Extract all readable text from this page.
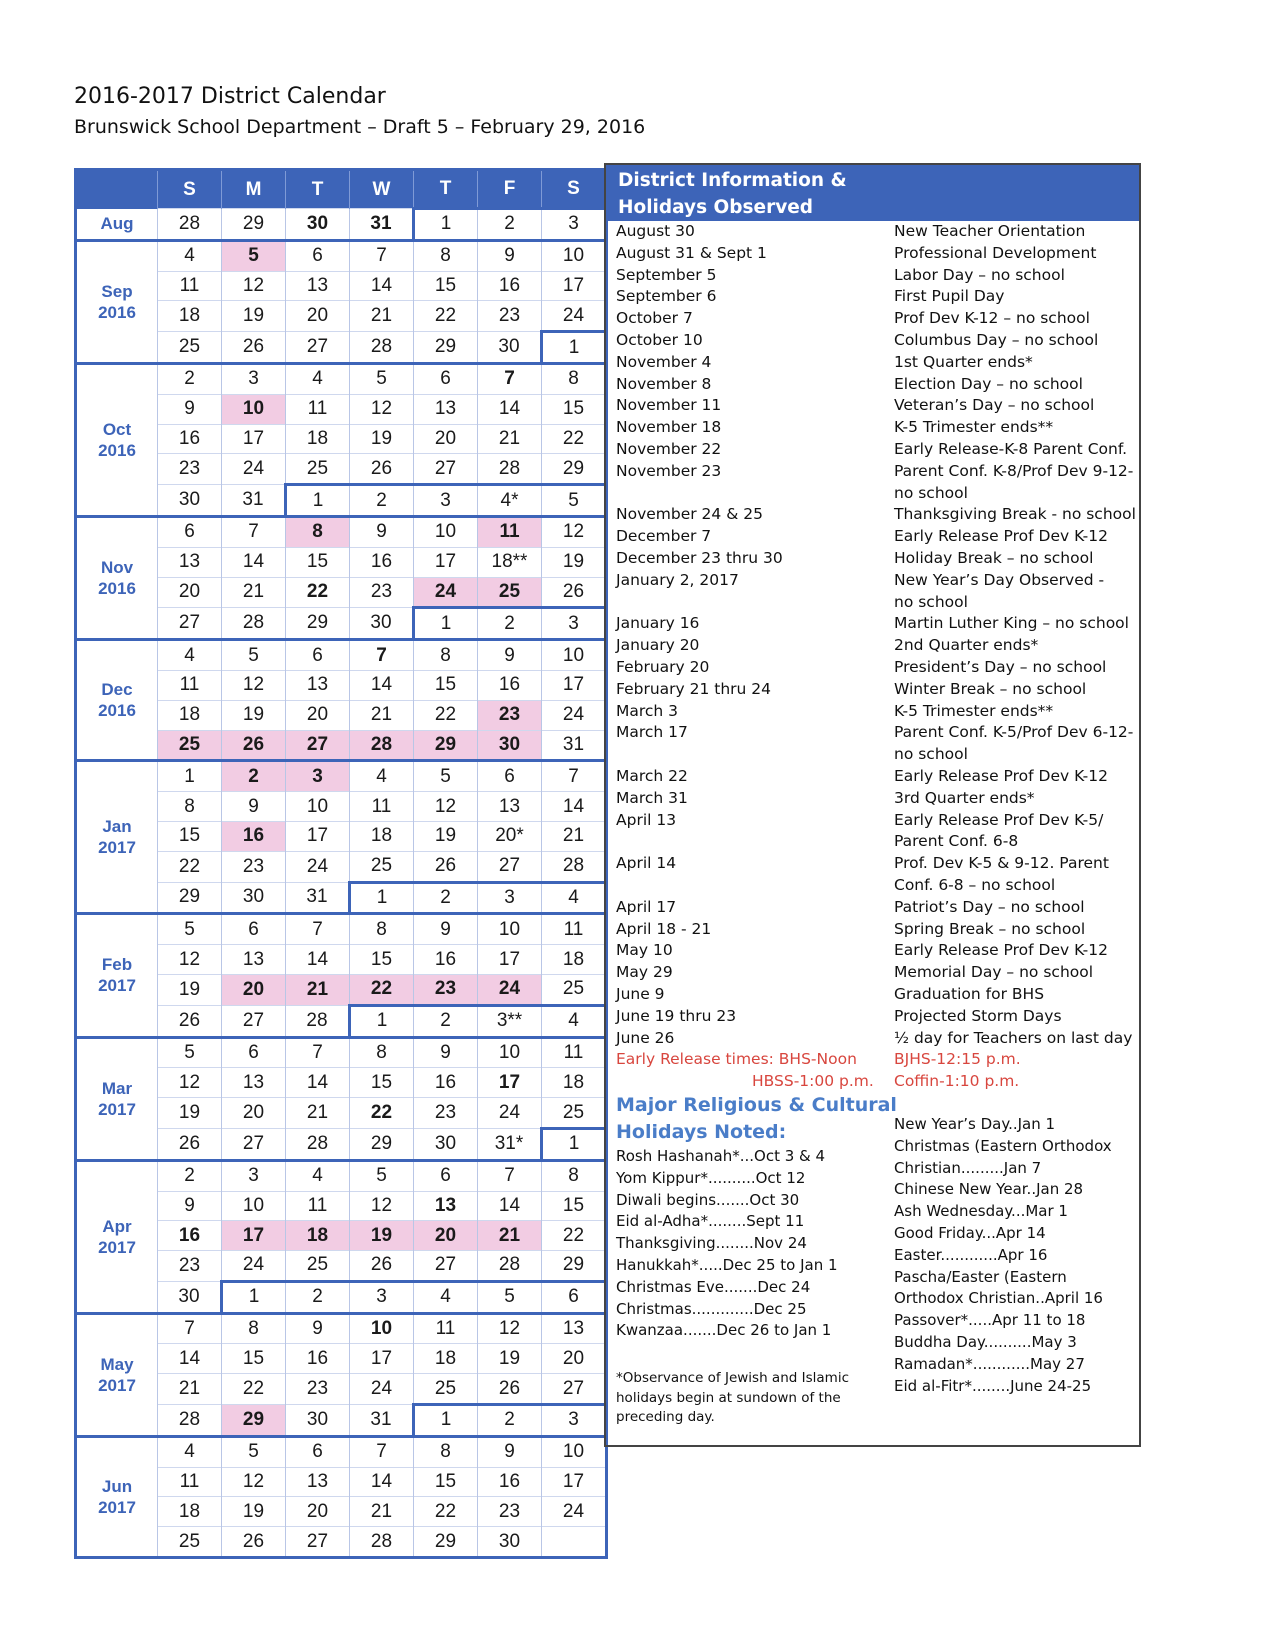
2016-2017 District Calendar
Brunswick School Department – Draft 5 – February 29, 2016
	S	M	T	W	T	F	S
Aug	28	29	30	31	1	2	3
Sep
2016	4	5	6	7	8	9	10
	11	12	13	14	15	16	17
	18	19	20	21	22	23	24
	25	26	27	28	29	30	1
Oct
2016	2	3	4	5	6	7	8
	9	10	11	12	13	14	15
	16	17	18	19	20	21	22
	23	24	25	26	27	28	29
	30	31	1	2	3	4*	5
Nov
2016	6	7	8	9	10	11	12
	13	14	15	16	17	18**	19
	20	21	22	23	24	25	26
	27	28	29	30	1	2	3
Dec
2016	4	5	6	7	8	9	10
	11	12	13	14	15	16	17
	18	19	20	21	22	23	24
	25	26	27	28	29	30	31
Jan
2017	1	2	3	4	5	6	7
	8	9	10	11	12	13	14
	15	16	17	18	19	20*	21
	22	23	24	25	26	27	28
	29	30	31	1	2	3	4
Feb
2017	5	6	7	8	9	10	11
	12	13	14	15	16	17	18
	19	20	21	22	23	24	25
	26	27	28	1	2	3**	4
Mar
2017	5	6	7	8	9	10	11
	12	13	14	15	16	17	18
	19	20	21	22	23	24	25
	26	27	28	29	30	31*	1
Apr
2017	2	3	4	5	6	7	8
	9	10	11	12	13	14	15
	16	17	18	19	20	21	22
	23	24	25	26	27	28	29
	30	1	2	3	4	5	6
May
2017	7	8	9	10	11	12	13
	14	15	16	17	18	19	20
	21	22	23	24	25	26	27
	28	29	30	31	1	2	3
Jun
2017	4	5	6	7	8	9	10
	11	12	13	14	15	16	17
	18	19	20	21	22	23	24
	25	26	27	28	29	30	
District Information &
Holidays Observed
August 30	New Teacher Orientation
August 31 & Sept 1	Professional Development
September 5	Labor Day – no school
September 6	First Pupil Day
October 7	Prof Dev K-12 – no school
October 10	Columbus Day – no school
November 4	1st Quarter ends*
November 8	Election Day – no school
November 11	Veteran’s Day – no school
November 18	K-5 Trimester ends**
November 22	Early Release-K-8 Parent Conf.
November 23	Parent Conf. K-8/Prof Dev 9-12-
no school
November 24 & 25	Thanksgiving Break - no school
December 7	Early Release Prof Dev K-12
December 23 thru 30	Holiday Break – no school
January 2, 2017	New Year’s Day Observed -
no school
January 16	Martin Luther King – no school
January 20	2nd Quarter ends*
February 20	President’s Day – no school
February 21 thru 24	Winter Break – no school
March 3	K-5 Trimester ends**
March 17	Parent Conf. K-5/Prof Dev 6-12-
no school
March 22	Early Release Prof Dev K-12
March 31	3rd Quarter ends*
April 13	Early Release Prof Dev K-5/
Parent Conf. 6-8
April 14	Prof. Dev K-5 & 9-12. Parent
Conf. 6-8 – no school
April 17	Patriot’s Day – no school
April 18 - 21	Spring Break – no school
May 10	Early Release Prof Dev K-12
May 29	Memorial Day – no school
June 9	Graduation for BHS
June 19 thru 23	Projected Storm Days
June 26	½ day for Teachers on last day
Early Release times: BHS-Noon BJHS-12:15 p.m.
HBSS-1:00 p.m. Coffin-1:10 p.m.
Major Religious & Cultural
Holidays Noted:
Rosh Hashanah*...Oct 3 & 4
Yom Kippur*..........Oct 12
Diwali begins.......Oct 30
Eid al-Adha*........Sept 11
Thanksgiving........Nov 24
Hanukkah*.....Dec 25 to Jan 1
Christmas Eve.......Dec 24
Christmas.............Dec 25
Kwanzaa.......Dec 26 to Jan 1
New Year’s Day..Jan 1
Christmas (Eastern Orthodox
Christian.........Jan 7
Chinese New Year..Jan 28
Ash Wednesday...Mar 1
Good Friday...Apr 14
Easter............Apr 16
Pascha/Easter (Eastern
Orthodox Christian..April 16
Passover*.....Apr 11 to 18
Buddha Day..........May 3
Ramadan*............May 27
Eid al-Fitr*........June 24-25
*Observance of Jewish and Islamic
holidays begin at sundown of the
preceding day.
